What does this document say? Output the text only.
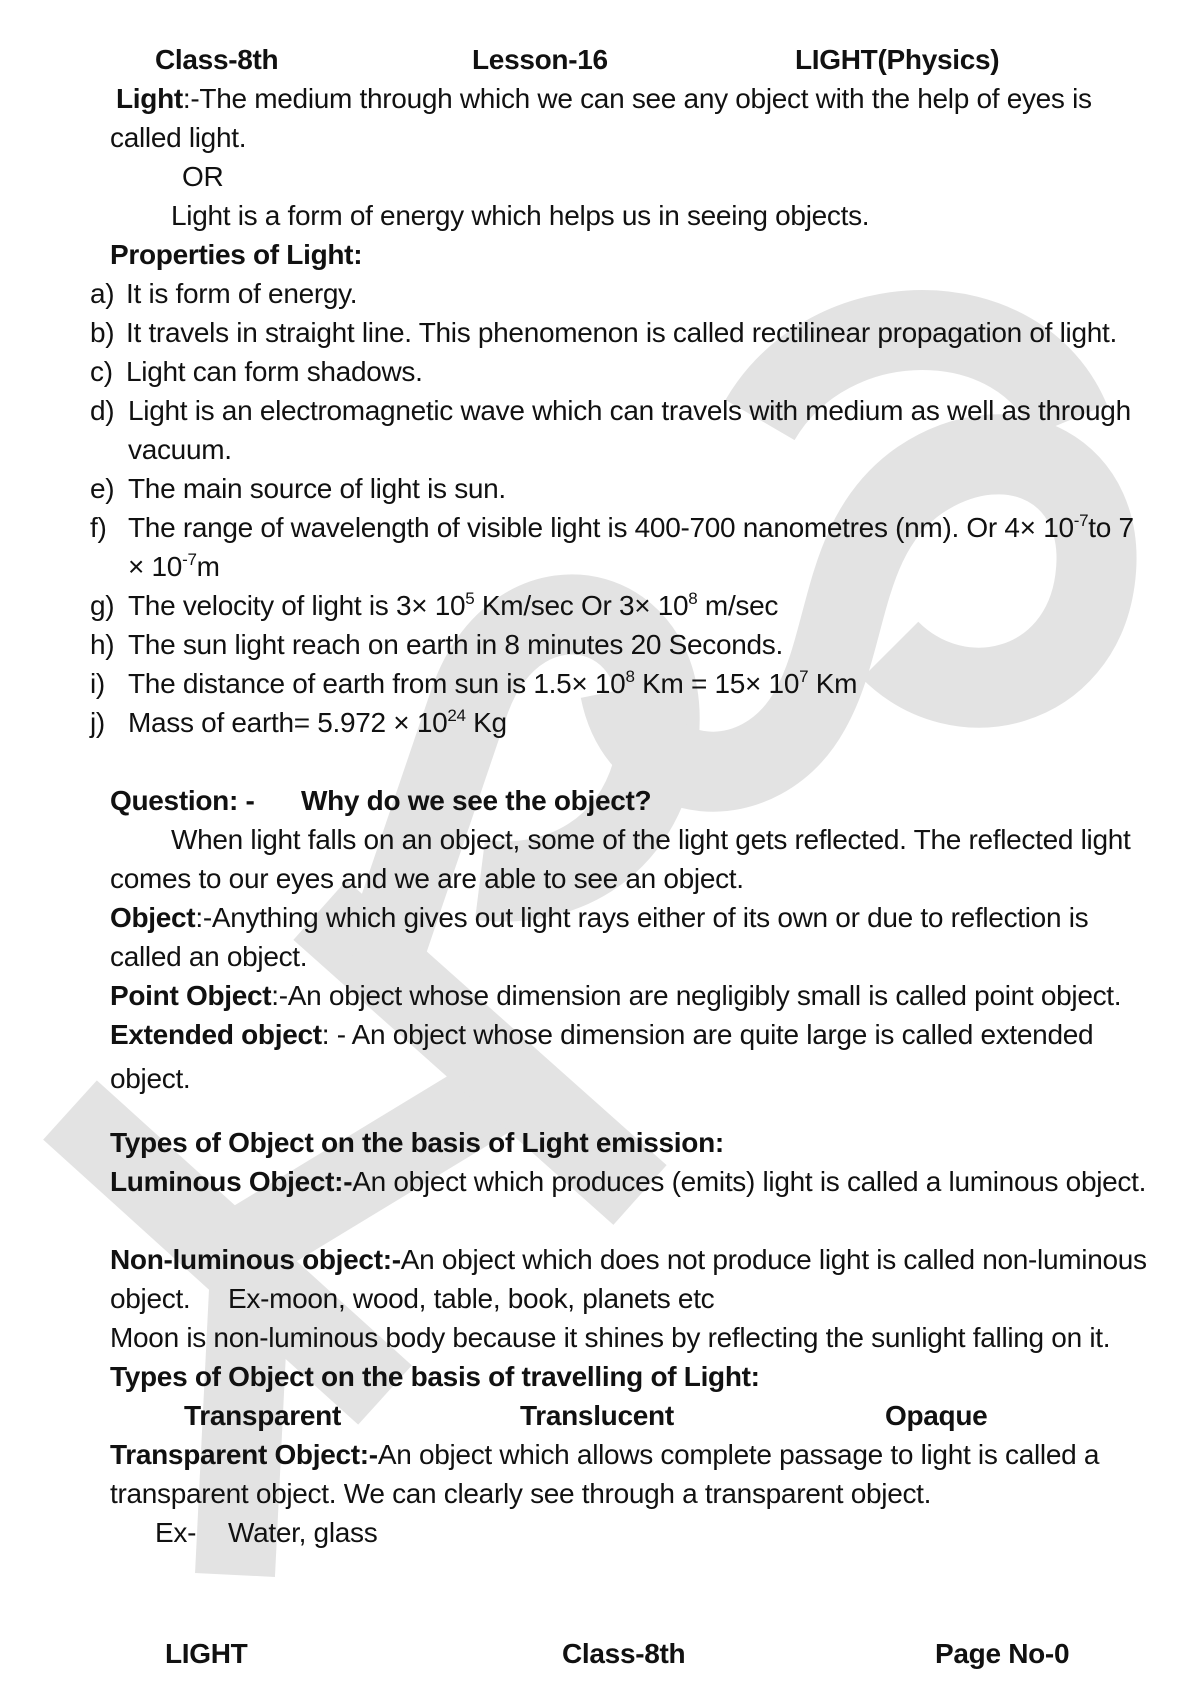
Class-8th	Lesson-16	LIGHT(Physics)
Light:-The medium through which we can see any object with the help of eyes is
called light.
OR
Light is a form of energy which helps us in seeing objects.
Properties of Light:
a) It is form of energy.
b) It travels in straight line. This phenomenon is called rectilinear propagation of light.
c) Light can form shadows.
d) Light is an electromagnetic wave which can travels with medium as well as through
vacuum.
e) The main source of light is sun.
f) The range of wavelength of visible light is 400-700 nanometres (nm). Or $4\times 10^{-7}to$ 7
× $10^{-7}m$
g) The velocity of light is $3\times 10^5$ Km/sec Or $3\times 10^8$ m/sec
h) The sun light reach on earth in 8 minutes 20 Seconds.
i) The distance of earth from sun is $1.5\times 10^8$ $Km = 15\times 10^7$ Km
j) Mass of earth= $5.972 \times 10^{24}$ Kg
Question: - Why do we see the object?
When light falls on an object, some of the light gets reflected. The reflected light
comes to our eyes and we are able to see an object.
Object:-Anything which gives out light rays either of its own or due to reflection is
called an object.
Point Object:-An object whose dimension are negligibly small is called point object.
Extended object: - An object whose dimension are quite large is called extended
object.
Types of Object on the basis of Light emission:
Luminous Object:-An object which produces (emits) light is called a luminous object.
Non-luminous object:-An object which does not produce light is called non-luminous
object. Ex-moon, wood, table, book, planets etc
Moon is non-luminous body because it shines by reflecting the sunlight falling on it.
Types of Object on the basis of travelling of Light:
Transparent	Translucent	Opaque
Transparent Object:-An object which allows complete passage to light is called a
transparent object. We can clearly see through a transparent object.
Ex- Water, glass
LIGHT	Class-8th	Page No-0
